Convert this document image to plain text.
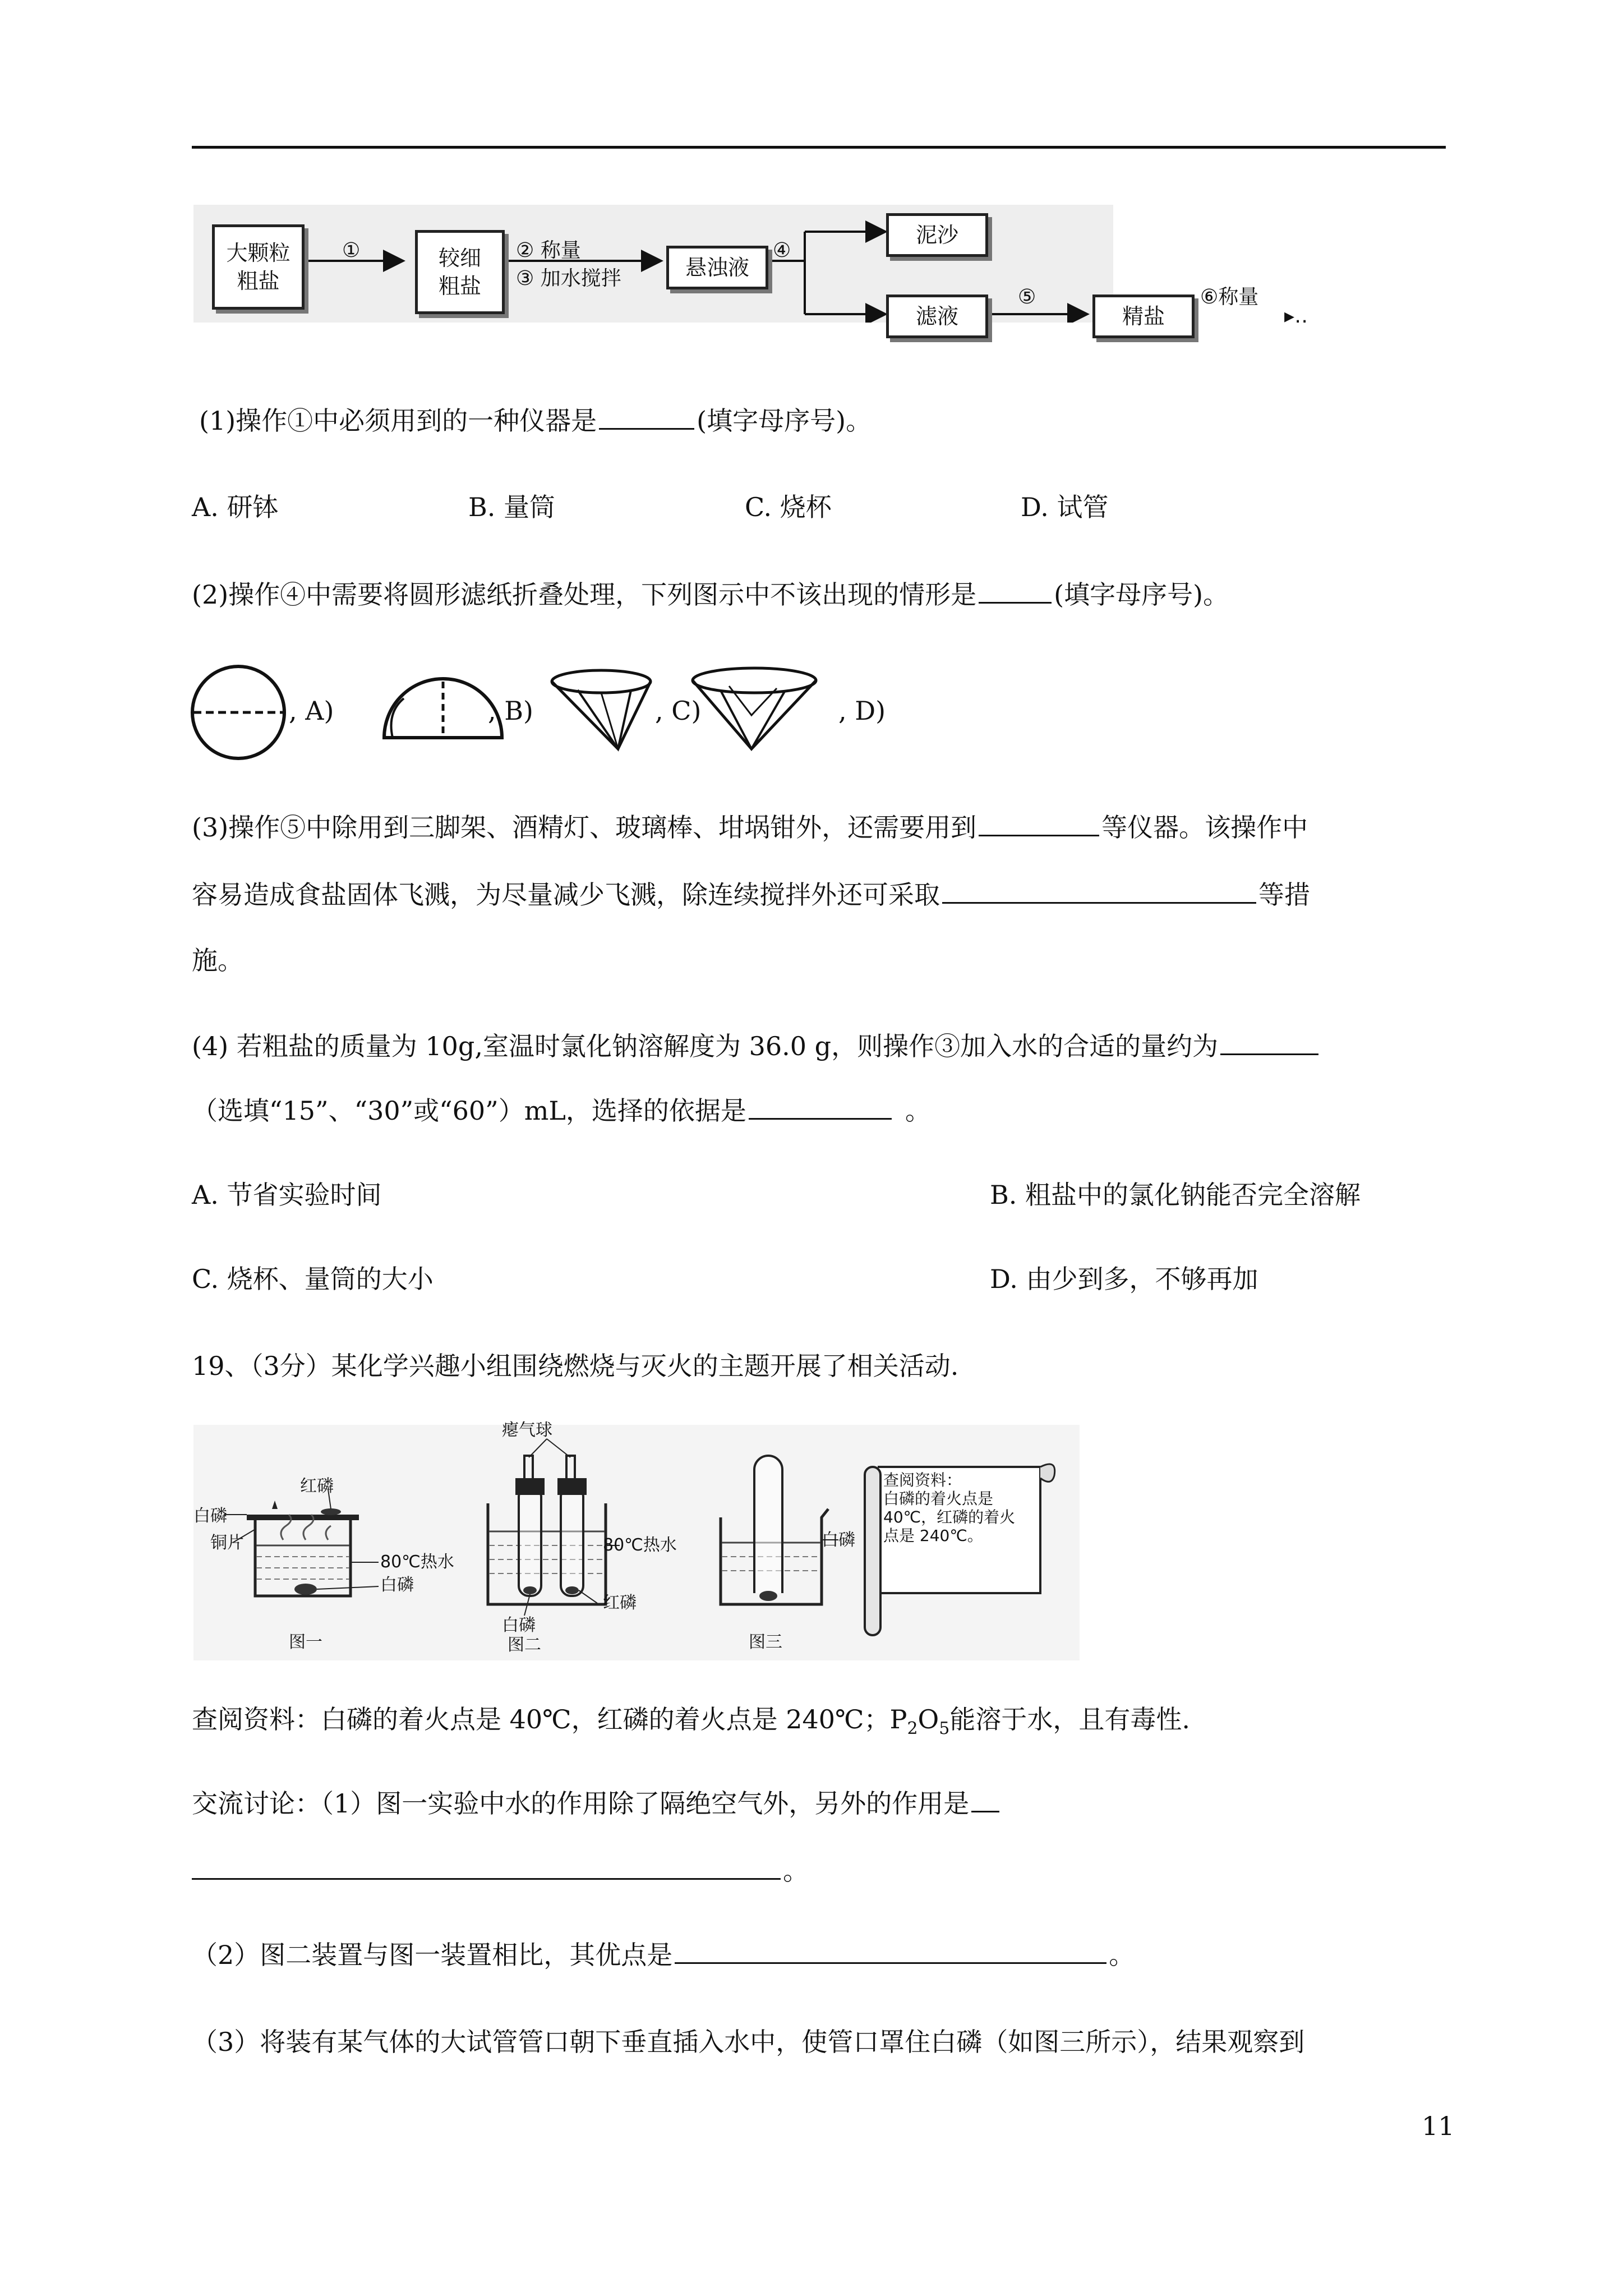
大颗粒
粗盐
①	较细
粗盐
② 称量
③ 加水搅拌	悬浊液
④
泥沙
滤液
⑤
精盐
⑥称量
▸‥
(1)操作①中必须用到的一种仪器是	(填字母序号)。
A. 研钵	B. 量筒	C. 烧杯	D. 试管
(2)操作④中需要将圆形滤纸折叠处理，下列图示中不该出现的情形是	(填字母序号)。
, A)	, B)	, C)	, D)
(3)操作⑤中除用到三脚架、酒精灯、玻璃棒、坩埚钳外，还需要用到	等仪器。该操作中
容易造成食盐固体飞溅，为尽量减少飞溅，除连续搅拌外还可采取	等措
施。
(4) 若粗盐的质量为 10g,室温时氯化钠溶解度为 36.0 g，则操作③加入水的合适的量约为
（选填“15”、“30”或“60”）mL，选择的依据是	。
A. 节省实验时间	B. 粗盐中的氯化钠能否完全溶解
C. 烧杯、量筒的大小	D. 由少到多，不够再加
19、（3分）某化学兴趣小组围绕燃烧与灭火的主题开展了相关活动.
红磷
白磷
铜片
80℃热水
白磷
图一
瘪气球
80℃热水
红磷
白磷
图二
白磷
图三
查阅资料：
白磷的着火点是
40℃，红磷的着火
点是 240℃。
查阅资料：白磷的着火点是 40℃，红磷的着火点是 240℃；$P_2O_5$能溶于水，且有毒性.
交流讨论：（1）图一实验中水的作用除了隔绝空气外，另外的作用是
。
（2）图二装置与图一装置相比，其优点是	。
（3）将装有某气体的大试管管口朝下垂直插入水中，使管口罩住白磷（如图三所示），结果观察到
11
